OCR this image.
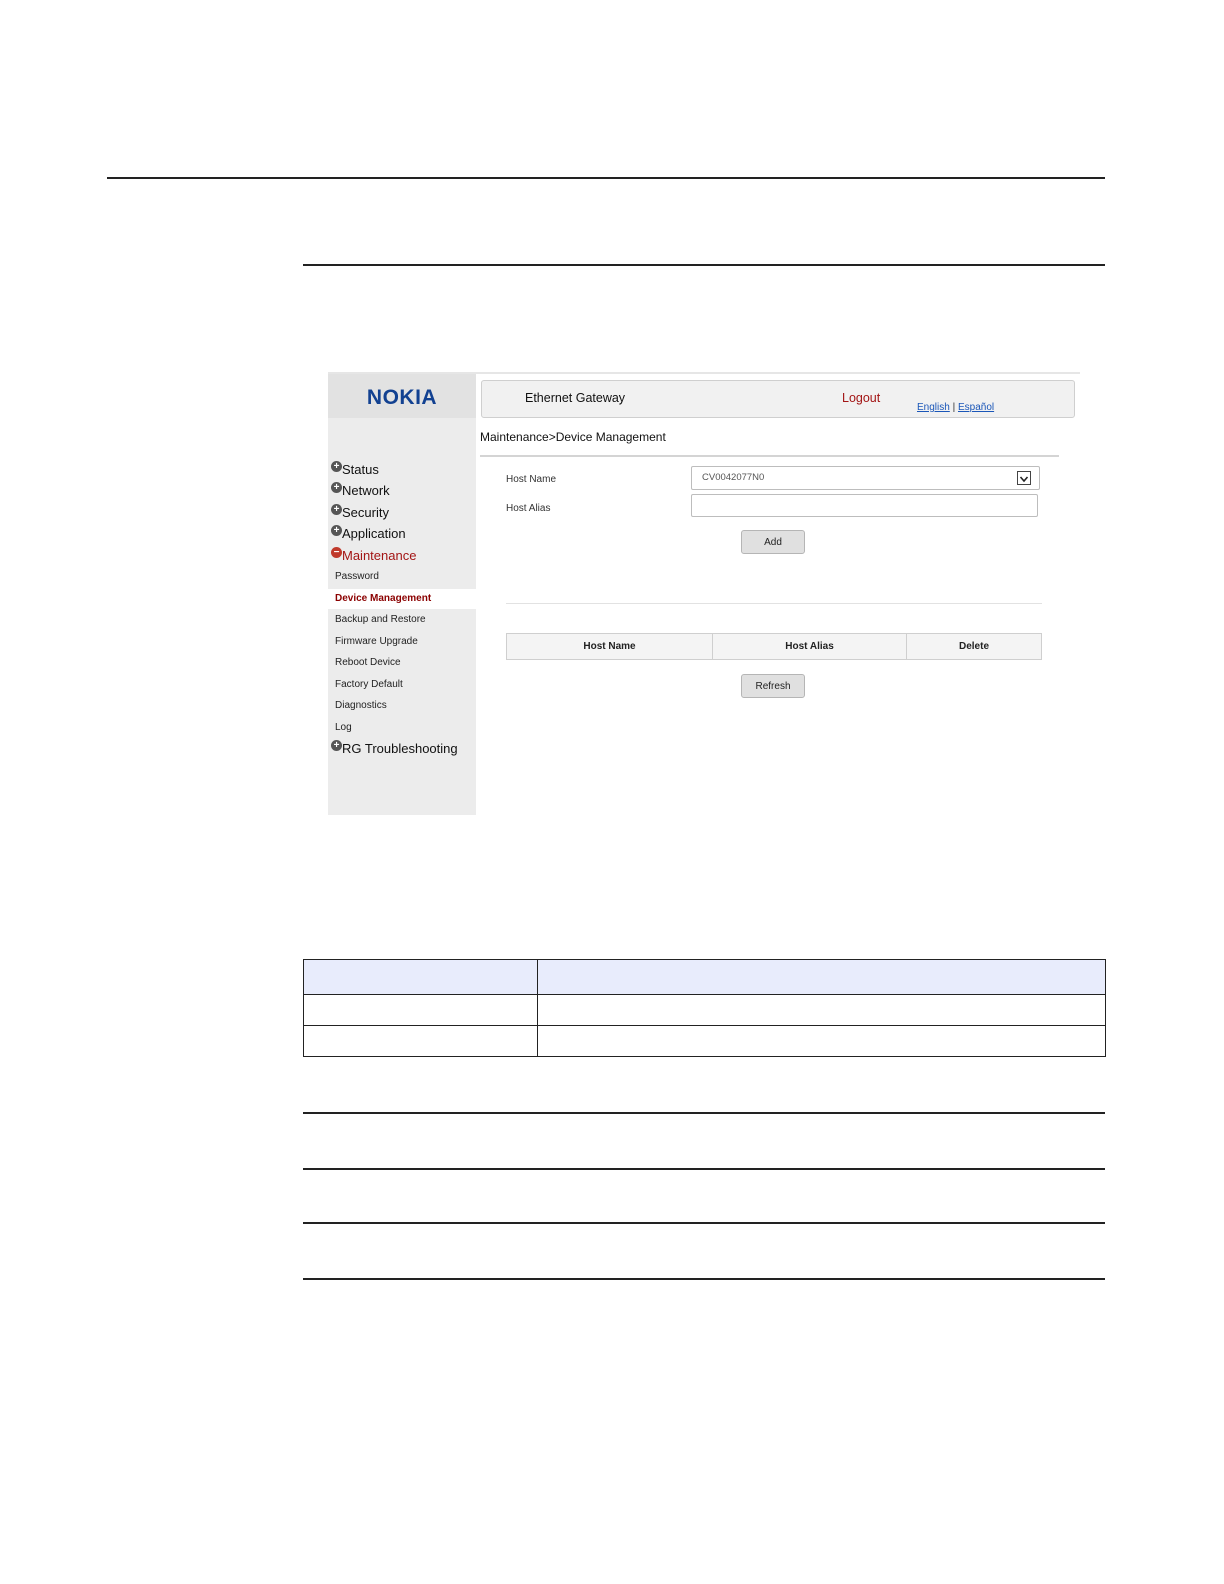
NOKIA
+ Status
+ Network
+ Security
+ Application
− Maintenance
Password
Device Management
Backup and Restore
Firmware Upgrade
Reboot Device
Factory Default
Diagnostics
Log
+ RG Troubleshooting
Ethernet Gateway	Logout
English | Español
Maintenance>Device Management
Host Name	CV0042077N0
Host Alias
Add
Host Name	Host Alias	Delete
Refresh
